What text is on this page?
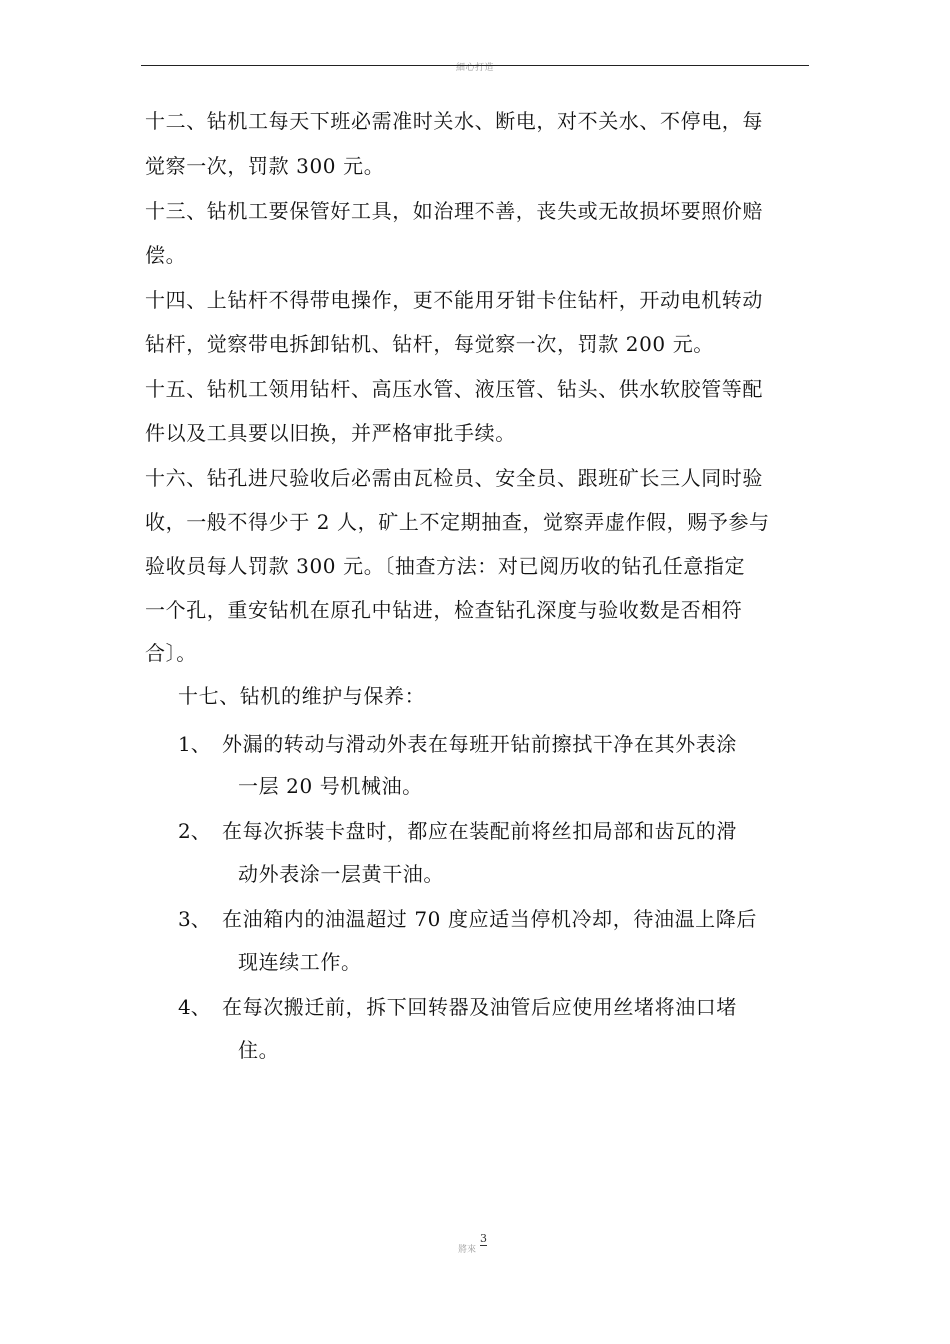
細心打造
十二、钻机工每天下班必需准时关水、断电，对不关水、不停电，每
觉察一次，罚款 300 元。
十三、钻机工要保管好工具，如治理不善，丧失或无故损坏要照价赔
偿。
十四、上钻杆不得带电操作，更不能用牙钳卡住钻杆，开动电机转动
钻杆，觉察带电拆卸钻机、钻杆，每觉察一次，罚款 200 元。
十五、钻机工领用钻杆、高压水管、液压管、钻头、供水软胶管等配
件以及工具要以旧换，并严格审批手续。
十六、钻孔进尺验收后必需由瓦检员、安全员、跟班矿长三人同时验
收，一般不得少于 2 人，矿上不定期抽查，觉察弄虚作假，赐予参与
验收员每人罚款 300 元。〔抽查方法：对已阅历收的钻孔任意指定
一个孔，重安钻机在原孔中钻进，检查钻孔深度与验收数是否相符
合〕。
十七、钻机的维护与保养：
1、 外漏的转动与滑动外表在每班开钻前擦拭干净在其外表涂
一层 20 号机械油。
2、 在每次拆装卡盘时，都应在装配前将丝扣局部和齿瓦的滑
动外表涂一层黄干油。
3、 在油箱内的油温超过 70 度应适当停机冷却，待油温上降后
现连续工作。
4、 在每次搬迁前，拆下回转器及油管后应使用丝堵将油口堵
住。
將來
3
